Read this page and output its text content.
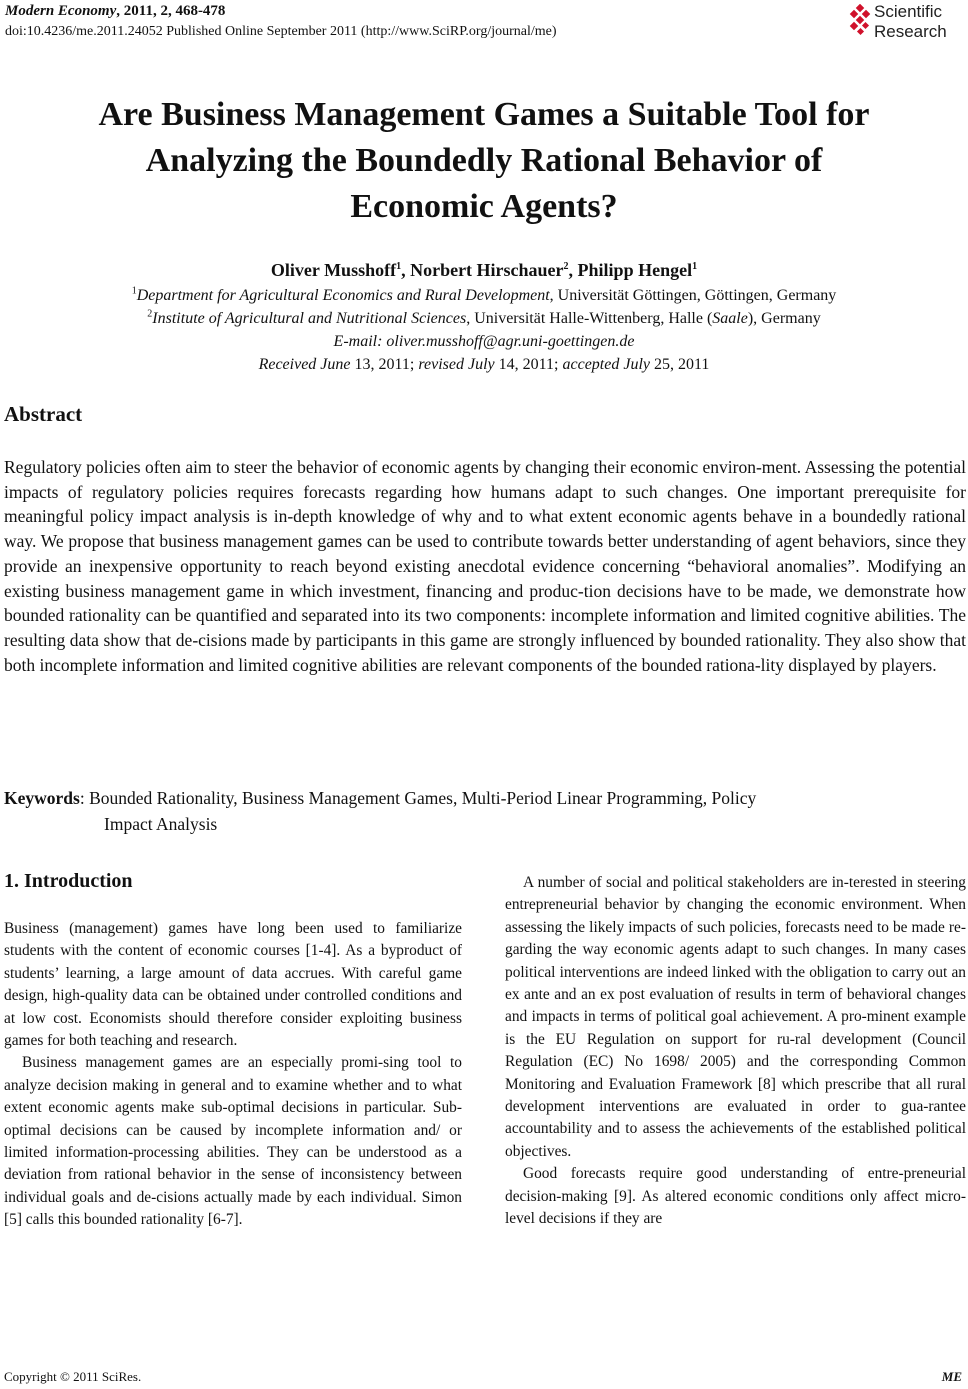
Modern Economy, 2011, 2, 468-478
doi:10.4236/me.2011.24052 Published Online September 2011 (http://www.SciRP.org/journal/me)
Scientific
Research
Are Business Management Games a Suitable Tool for
Analyzing the Boundedly Rational Behavior of
Economic Agents?
Oliver Musshoff$^1$, Norbert Hirschauer$^2$, Philipp Hengel$^1$
$^1$Department for Agricultural Economics and Rural Development, Universität Göttingen, Göttingen, Germany
$^2$Institute of Agricultural and Nutritional Sciences, Universität Halle-Wittenberg, Halle (Saale), Germany
E-mail: oliver.musshoff@agr.uni-goettingen.de
Received June 13, 2011; revised July 14, 2011; accepted July 25, 2011
Abstract
Regulatory policies often aim to steer the behavior of economic agents by changing their economic environ-ment. Assessing the potential impacts of regulatory policies requires forecasts regarding how humans adapt to such changes. One important prerequisite for meaningful policy impact analysis is in-depth knowledge of why and to what extent economic agents behave in a boundedly rational way. We propose that business management games can be used to contribute towards better understanding of agent behaviors, since they provide an inexpensive opportunity to reach beyond existing anecdotal evidence concerning “behavioral anomalies”. Modifying an existing business management game in which investment, financing and produc-tion decisions have to be made, we demonstrate how bounded rationality can be quantified and separated into its two components: incomplete information and limited cognitive abilities. The resulting data show that de-cisions made by participants in this game are strongly influenced by bounded rationality. They also show that both incomplete information and limited cognitive abilities are relevant components of the bounded rationa-lity displayed by players.
Keywords: Bounded Rationality, Business Management Games, Multi-Period Linear Programming, Policy
Impact Analysis
1. Introduction

Business (management) games have long been used to familiarize students with the content of economic courses [1-4]. As a byproduct of students’ learning, a large amount of data accrues. With careful game design, high-quality data can be obtained under controlled conditions and at low cost. Economists should therefore consider exploiting business games for both teaching and research.

Business management games are an especially promi-sing tool to analyze decision making in general and to examine whether and to what extent economic agents make sub-optimal decisions in particular. Sub-optimal decisions can be caused by incomplete information and/ or limited information-processing abilities. They can be understood as a deviation from rational behavior in the sense of inconsistency between individual goals and de-cisions actually made by each individual. Simon [5] calls this bounded rationality [6-7].

A number of social and political stakeholders are in-terested in steering entrepreneurial behavior by changing the economic environment. When assessing the likely impacts of such policies, forecasts need to be made re-garding the way economic agents adapt to such changes. In many cases political interventions are indeed linked with the obligation to carry out an ex ante and an ex post evaluation of results in term of behavioral changes and impacts in terms of political goal achievement. A pro-minent example is the EU Regulation on support for ru-ral development (Council Regulation (EC) No 1698/ 2005) and the corresponding Common Monitoring and Evaluation Framework [8] which prescribe that all rural development interventions are evaluated in order to gua-rantee accountability and to assess the achievements of the established political objectives.

Good forecasts require good understanding of entre-preneurial decision-making [9]. As altered economic conditions only affect micro-level decisions if they are

Copyright © 2011 SciRes.	ME
